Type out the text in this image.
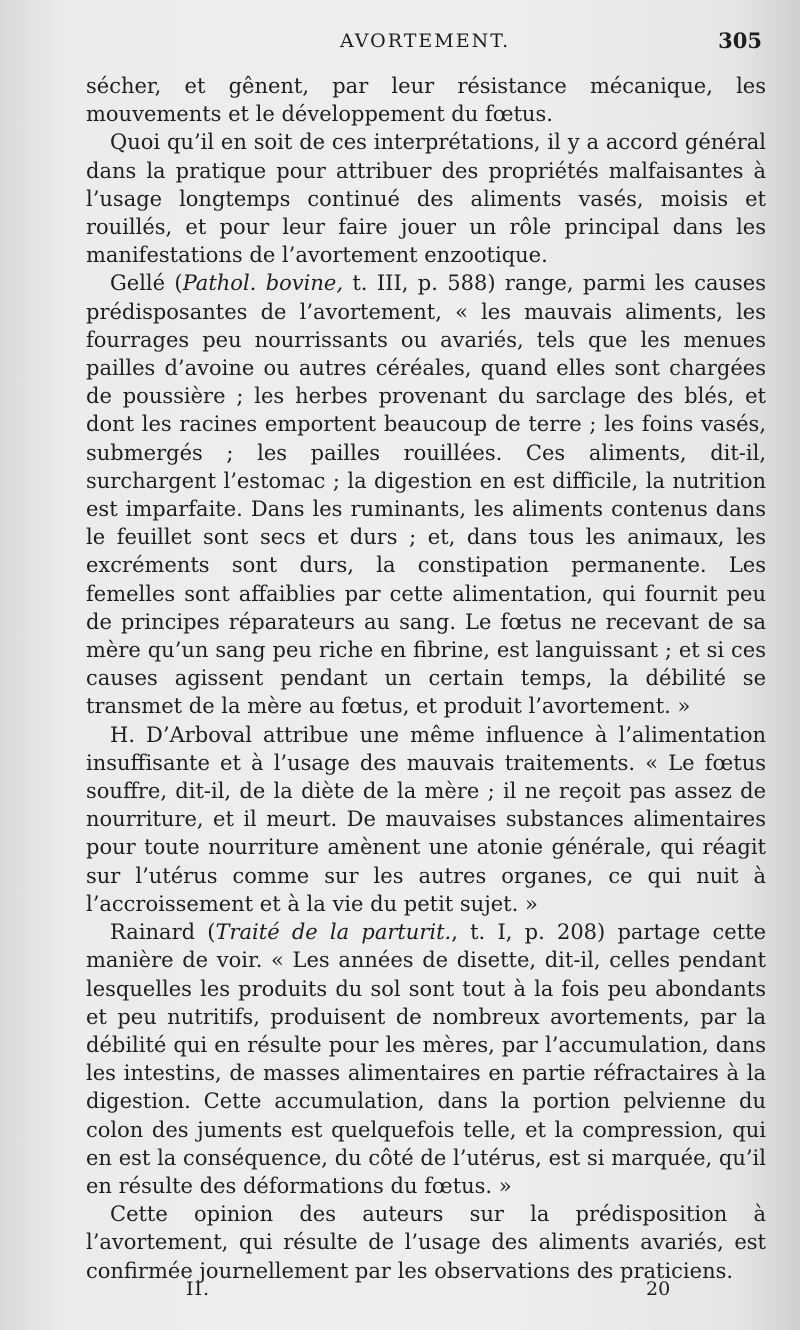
AVORTEMENT.	305

sécher, et gênent, par leur résistance mécanique, les mouvements et le développement du fœtus.

Quoi qu’il en soit de ces interprétations, il y a accord général dans la pratique pour attribuer des propriétés malfaisantes à l’usage longtemps continué des aliments vasés, moisis et rouillés, et pour leur faire jouer un rôle principal dans les manifestations de l’avortement enzootique.

Gellé (Pathol. bovine, t. III, p. 588) range, parmi les causes prédisposantes de l’avortement, « les mauvais aliments, les fourrages peu nourrissants ou avariés, tels que les menues pailles d’avoine ou autres céréales, quand elles sont chargées de poussière ; les herbes provenant du sarclage des blés, et dont les racines emportent beaucoup de terre ; les foins vasés, submergés ; les pailles rouillées. Ces aliments, dit-il, surchargent l’estomac ; la digestion en est difficile, la nutrition est imparfaite. Dans les ruminants, les aliments contenus dans le feuillet sont secs et durs ; et, dans tous les animaux, les excréments sont durs, la constipation permanente. Les femelles sont affaiblies par cette alimentation, qui fournit peu de principes réparateurs au sang. Le fœtus ne recevant de sa mère qu’un sang peu riche en fibrine, est languissant ; et si ces causes agissent pendant un certain temps, la débilité se transmet de la mère au fœtus, et produit l’avortement. »

H. D’Arboval attribue une même influence à l’alimentation insuffisante et à l’usage des mauvais traitements. « Le fœtus souffre, dit-il, de la diète de la mère ; il ne reçoit pas assez de nourriture, et il meurt. De mauvaises substances alimentaires pour toute nourriture amènent une atonie générale, qui réagit sur l’utérus comme sur les autres organes, ce qui nuit à l’accroissement et à la vie du petit sujet. »

Rainard (Traité de la parturit., t. I, p. 208) partage cette manière de voir. « Les années de disette, dit-il, celles pendant lesquelles les produits du sol sont tout à la fois peu abondants et peu nutritifs, produisent de nombreux avortements, par la débilité qui en résulte pour les mères, par l’accumulation, dans les intestins, de masses alimentaires en partie réfractaires à la digestion. Cette accumulation, dans la portion pelvienne du colon des juments est quelquefois telle, et la compression, qui en est la conséquence, du côté de l’utérus, est si marquée, qu’il en résulte des déformations du fœtus. »

Cette opinion des auteurs sur la prédisposition à l’avortement, qui résulte de l’usage des aliments avariés, est confirmée journellement par les observations des praticiens.

II.	20
